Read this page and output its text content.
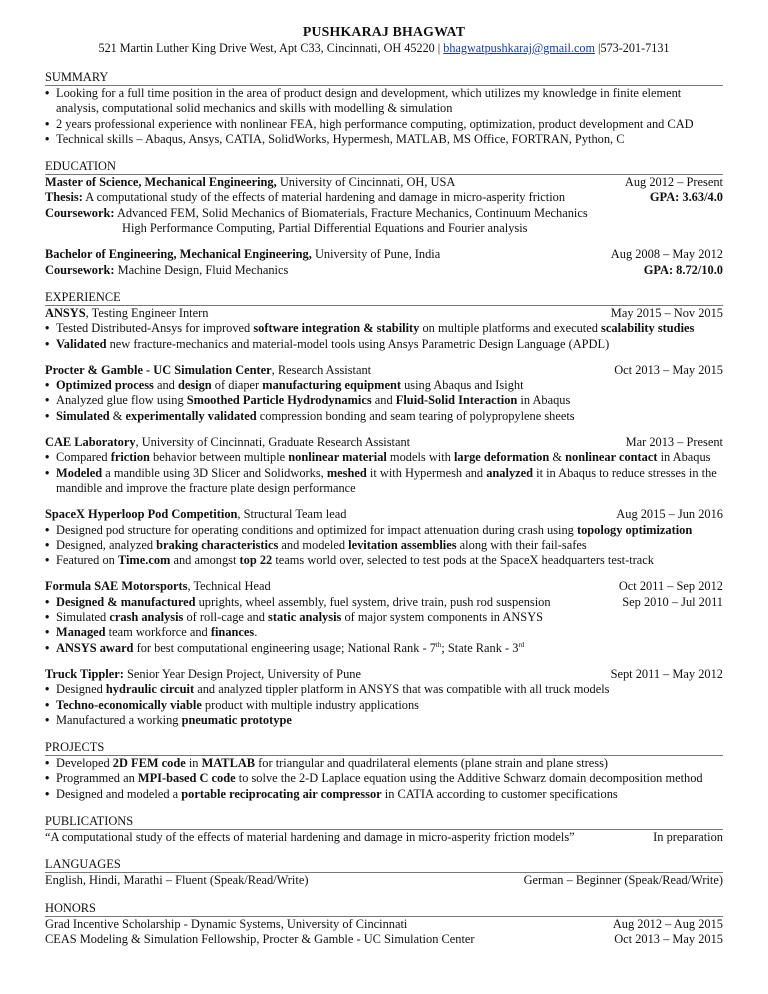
PUSHKARAJ BHAGWAT
521 Martin Luther King Drive West, Apt C33, Cincinnati, OH 45220 | bhagwatpushkaraj@gmail.com |573-201-7131
SUMMARY
• Looking for a full time position in the area of product design and development, which utilizes my knowledge in finite element analysis, computational solid mechanics and skills with modelling & simulation
• 2 years professional experience with nonlinear FEA, high performance computing, optimization, product development and CAD
• Technical skills – Abaqus, Ansys, CATIA, SolidWorks, Hypermesh, MATLAB, MS Office, FORTRAN, Python, C
EDUCATION
Master of Science, Mechanical Engineering, University of Cincinnati, OH, USA	Aug 2012 – Present
Thesis: A computational study of the effects of material hardening and damage in micro-asperity friction	GPA: 3.63/4.0
Coursework: Advanced FEM, Solid Mechanics of Biomaterials, Fracture Mechanics, Continuum Mechanics
High Performance Computing, Partial Differential Equations and Fourier analysis
Bachelor of Engineering, Mechanical Engineering, University of Pune, India	Aug 2008 – May 2012
Coursework: Machine Design, Fluid Mechanics	GPA: 8.72/10.0
EXPERIENCE
ANSYS, Testing Engineer Intern	May 2015 – Nov 2015
• Tested Distributed-Ansys for improved software integration & stability on multiple platforms and executed scalability studies
• Validated new fracture-mechanics and material-model tools using Ansys Parametric Design Language (APDL)
Procter & Gamble - UC Simulation Center, Research Assistant	Oct 2013 – May 2015
• Optimized process and design of diaper manufacturing equipment using Abaqus and Isight
• Analyzed glue flow using Smoothed Particle Hydrodynamics and Fluid-Solid Interaction in Abaqus
• Simulated & experimentally validated compression bonding and seam tearing of polypropylene sheets
CAE Laboratory, University of Cincinnati, Graduate Research Assistant	Mar 2013 – Present
• Compared friction behavior between multiple nonlinear material models with large deformation & nonlinear contact in Abaqus
• Modeled a mandible using 3D Slicer and Solidworks, meshed it with Hypermesh and analyzed it in Abaqus to reduce stresses in the mandible and improve the fracture plate design performance
SpaceX Hyperloop Pod Competition, Structural Team lead	Aug 2015 – Jun 2016
• Designed pod structure for operating conditions and optimized for impact attenuation during crash using topology optimization
• Designed, analyzed braking characteristics and modeled levitation assemblies along with their fail-safes
• Featured on Time.com and amongst top 22 teams world over, selected to test pods at the SpaceX headquarters test-track
Formula SAE Motorsports, Technical Head	Oct 2011 – Sep 2012
• Designed & manufactured uprights, wheel assembly, fuel system, drive train, push rod suspension	Sep 2010 – Jul 2011
• Simulated crash analysis of roll-cage and static analysis of major system components in ANSYS
• Managed team workforce and finances.
• ANSYS award for best computational engineering usage; National Rank - 7th; State Rank - 3rd
Truck Tippler: Senior Year Design Project, University of Pune	Sept 2011 – May 2012
• Designed hydraulic circuit and analyzed tippler platform in ANSYS that was compatible with all truck models
• Techno-economically viable product with multiple industry applications
• Manufactured a working pneumatic prototype
PROJECTS
• Developed 2D FEM code in MATLAB for triangular and quadrilateral elements (plane strain and plane stress)
• Programmed an MPI-based C code to solve the 2-D Laplace equation using the Additive Schwarz domain decomposition method
• Designed and modeled a portable reciprocating air compressor in CATIA according to customer specifications
PUBLICATIONS
“A computational study of the effects of material hardening and damage in micro-asperity friction models”	In preparation
LANGUAGES
English, Hindi, Marathi – Fluent (Speak/Read/Write)	German – Beginner (Speak/Read/Write)
HONORS
Grad Incentive Scholarship - Dynamic Systems, University of Cincinnati	Aug 2012 – Aug 2015
CEAS Modeling & Simulation Fellowship, Procter & Gamble - UC Simulation Center	Oct 2013 – May 2015
